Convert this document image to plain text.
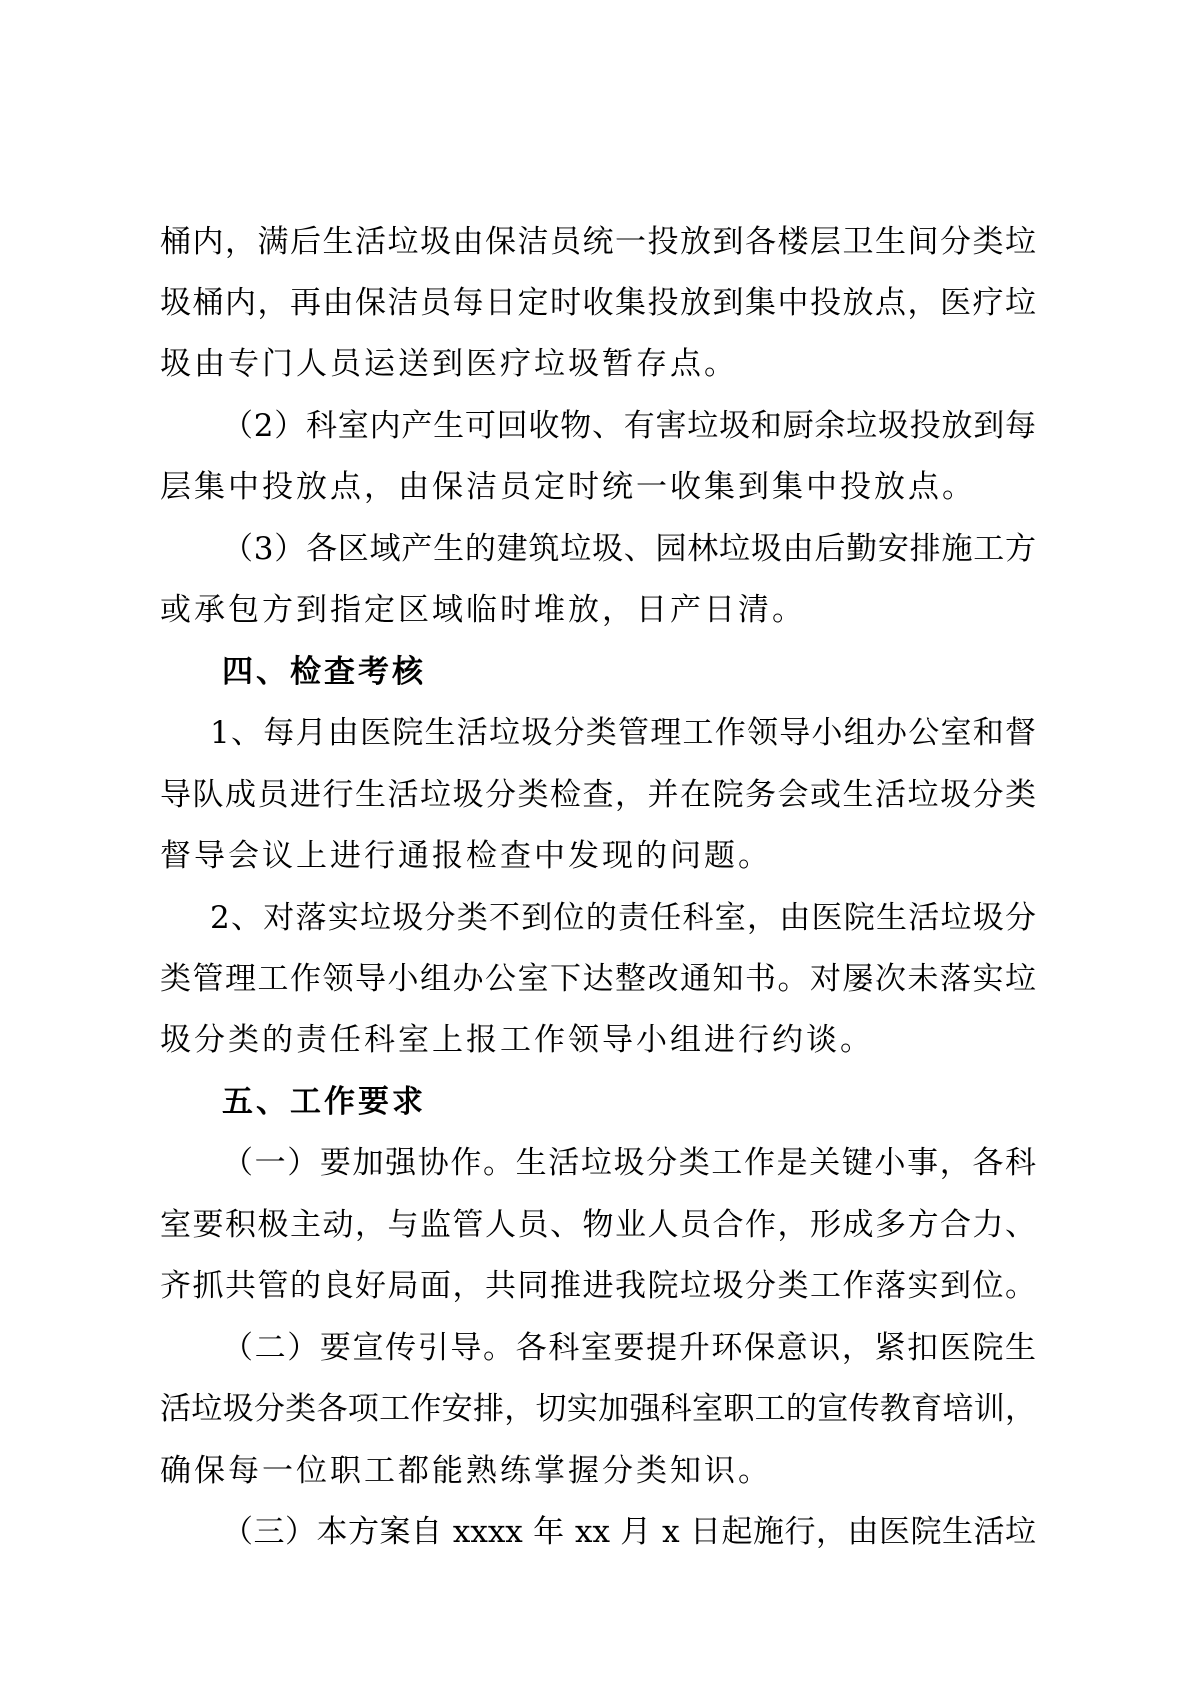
桶内，满后生活垃圾由保洁员统一投放到各楼层卫生间分类垃
圾桶内，再由保洁员每日定时收集投放到集中投放点，医疗垃
圾由专门人员运送到医疗垃圾暂存点。
（2）科室内产生可回收物、有害垃圾和厨余垃圾投放到每
层集中投放点，由保洁员定时统一收集到集中投放点。
（3）各区域产生的建筑垃圾、园林垃圾由后勤安排施工方
或承包方到指定区域临时堆放，日产日清。
四、检查考核
1、每月由医院生活垃圾分类管理工作领导小组办公室和督
导队成员进行生活垃圾分类检查，并在院务会或生活垃圾分类
督导会议上进行通报检查中发现的问题。
2、对落实垃圾分类不到位的责任科室，由医院生活垃圾分
类管理工作领导小组办公室下达整改通知书。对屡次未落实垃
圾分类的责任科室上报工作领导小组进行约谈。
五、工作要求
（一）要加强协作。生活垃圾分类工作是关键小事，各科
室要积极主动，与监管人员、物业人员合作，形成多方合力、
齐抓共管的良好局面，共同推进我院垃圾分类工作落实到位。
（二）要宣传引导。各科室要提升环保意识，紧扣医院生
活垃圾分类各项工作安排，切实加强科室职工的宣传教育培训，
确保每一位职工都能熟练掌握分类知识。
（三）本方案自 xxxx 年 xx 月 x 日起施行，由医院生活垃
